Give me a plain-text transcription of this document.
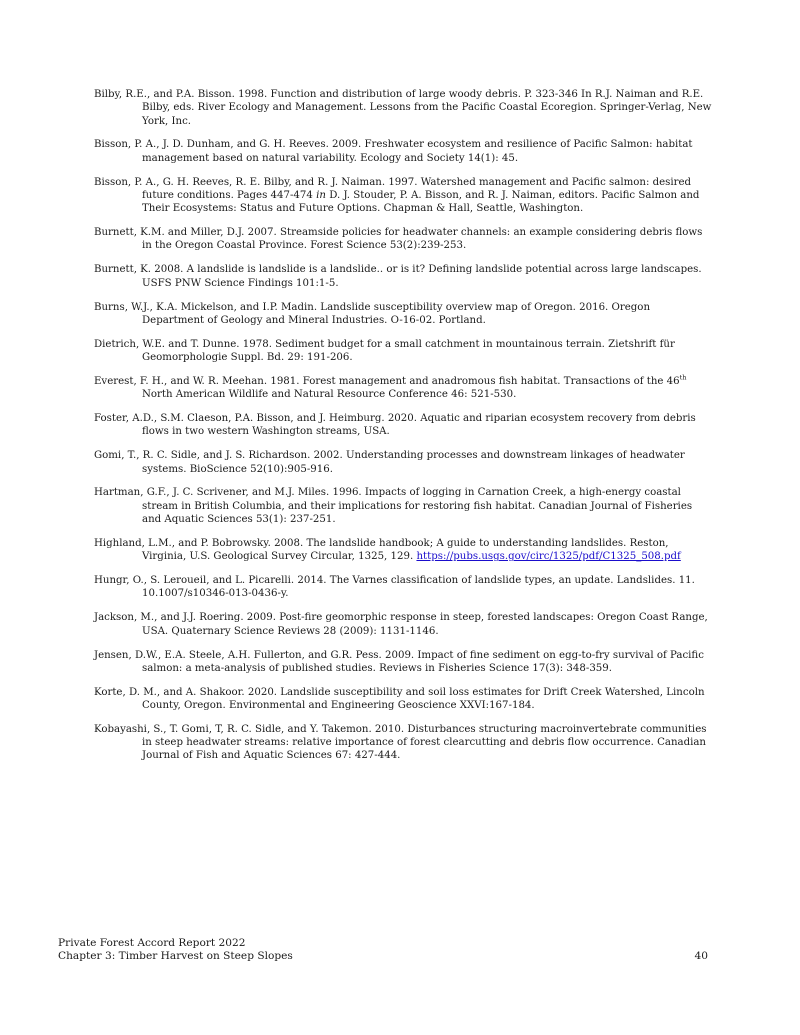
Bilby, R.E., and P.A. Bisson. 1998. Function and distribution of large woody debris. P. 323-346 In R.J. Naiman and R.E. Bilby, eds. River Ecology and Management. Lessons from the Pacific Coastal Ecoregion. Springer-Verlag, New York, Inc.

Bisson, P. A., J. D. Dunham, and G. H. Reeves. 2009. Freshwater ecosystem and resilience of Pacific Salmon: habitat management based on natural variability. Ecology and Society 14(1): 45.

Bisson, P. A., G. H. Reeves, R. E. Bilby, and R. J. Naiman. 1997. Watershed management and Pacific salmon: desired future conditions. Pages 447-474 in D. J. Stouder, P. A. Bisson, and R. J. Naiman, editors. Pacific Salmon and Their Ecosystems: Status and Future Options. Chapman & Hall, Seattle, Washington.

Burnett, K.M. and Miller, D.J. 2007. Streamside policies for headwater channels: an example considering debris flows in the Oregon Coastal Province. Forest Science 53(2):239-253.

Burnett, K. 2008. A landslide is landslide is a landslide.. or is it? Defining landslide potential across large landscapes. USFS PNW Science Findings 101:1-5.

Burns, W.J., K.A. Mickelson, and I.P. Madin. Landslide susceptibility overview map of Oregon. 2016. Oregon Department of Geology and Mineral Industries. O-16-02. Portland.

Dietrich, W.E. and T. Dunne. 1978. Sediment budget for a small catchment in mountainous terrain. Zietshrift für Geomorphologie Suppl. Bd. 29: 191-206.

Everest, F. H., and W. R. Meehan. 1981. Forest management and anadromous fish habitat. Transactions of the 46th North American Wildlife and Natural Resource Conference 46: 521-530.

Foster, A.D., S.M. Claeson, P.A. Bisson, and J. Heimburg. 2020. Aquatic and riparian ecosystem recovery from debris flows in two western Washington streams, USA.

Gomi, T., R. C. Sidle, and J. S. Richardson. 2002. Understanding processes and downstream linkages of headwater systems. BioScience 52(10):905-916.

Hartman, G.F., J. C. Scrivener, and M.J. Miles. 1996. Impacts of logging in Carnation Creek, a high-energy coastal stream in British Columbia, and their implications for restoring fish habitat. Canadian Journal of Fisheries and Aquatic Sciences 53(1): 237-251.

Highland, L.M., and P. Bobrowsky. 2008. The landslide handbook; A guide to understanding landslides. Reston, Virginia, U.S. Geological Survey Circular, 1325, 129. https://pubs.usgs.gov/circ/1325/pdf/C1325_508.pdf

Hungr, O., S. Leroueil, and L. Picarelli. 2014. The Varnes classification of landslide types, an update. Landslides. 11. 10.1007/s10346-013-0436-y.

Jackson, M., and J.J. Roering. 2009. Post-fire geomorphic response in steep, forested landscapes: Oregon Coast Range, USA. Quaternary Science Reviews 28 (2009): 1131-1146.

Jensen, D.W., E.A. Steele, A.H. Fullerton, and G.R. Pess. 2009. Impact of fine sediment on egg-to-fry survival of Pacific salmon: a meta-analysis of published studies. Reviews in Fisheries Science 17(3): 348-359.

Korte, D. M., and A. Shakoor. 2020. Landslide susceptibility and soil loss estimates for Drift Creek Watershed, Lincoln County, Oregon. Environmental and Engineering Geoscience XXVI:167-184.

Kobayashi, S., T. Gomi, T, R. C. Sidle, and Y. Takemon. 2010. Disturbances structuring macroinvertebrate communities in steep headwater streams: relative importance of forest clearcutting and debris flow occurrence. Canadian Journal of Fish and Aquatic Sciences 67: 427-444.

Private Forest Accord Report 2022
Chapter 3: Timber Harvest on Steep Slopes	40
